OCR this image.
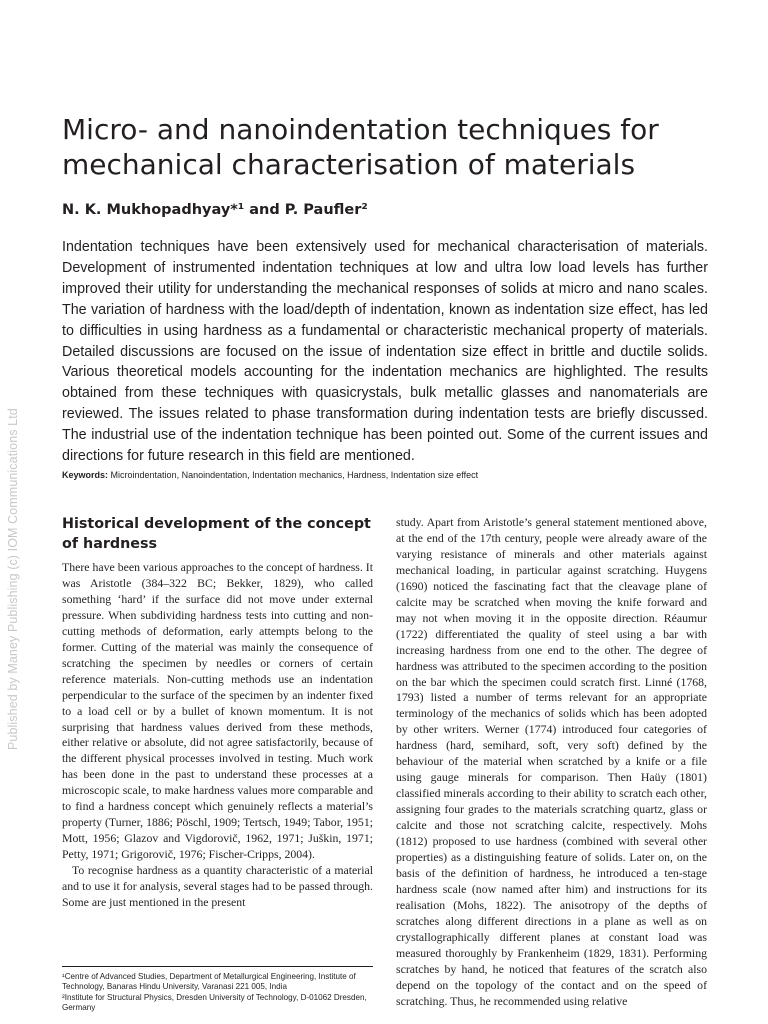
Published by Maney Publishing (c) IOM Communications Ltd
Micro- and nanoindentation techniques for mechanical characterisation of materials

N. K. Mukhopadhyay*¹ and P. Paufler²

Indentation techniques have been extensively used for mechanical characterisation of materials. Development of instrumented indentation techniques at low and ultra low load levels has further improved their utility for understanding the mechanical responses of solids at micro and nano scales. The variation of hardness with the load/depth of indentation, known as indentation size effect, has led to difficulties in using hardness as a fundamental or characteristic mechanical property of materials. Detailed discussions are focused on the issue of indentation size effect in brittle and ductile solids. Various theoretical models accounting for the indentation mechanics are highlighted. The results obtained from these techniques with quasicrystals, bulk metallic glasses and nanomaterials are reviewed. The issues related to phase transformation during indentation tests are briefly discussed. The industrial use of the indentation technique has been pointed out. Some of the current issues and directions for future research in this field are mentioned.

Keywords: Microindentation, Nanoindentation, Indentation mechanics, Hardness, Indentation size effect

Historical development of the concept of hardness

There have been various approaches to the concept of hardness. It was Aristotle (384–322 BC; Bekker, 1829), who called something ‘hard’ if the surface did not move under external pressure. When subdividing hardness tests into cutting and non-cutting methods of deformation, early attempts belong to the former. Cutting of the material was mainly the consequence of scratching the specimen by needles or corners of certain reference materials. Non-cutting methods use an indentation perpendicular to the surface of the specimen by an indenter fixed to a load cell or by a bullet of known momentum. It is not surprising that hardness values derived from these methods, either relative or absolute, did not agree satisfactorily, because of the different physical processes involved in testing. Much work has been done in the past to understand these processes at a microscopic scale, to make hardness values more comparable and to find a hardness concept which genuinely reflects a material’s property (Turner, 1886; Pöschl, 1909; Tertsch, 1949; Tabor, 1951; Mott, 1956; Glazov and Vigdorovič, 1962, 1971; Juškin, 1971; Petty, 1971; Grigorovič, 1976; Fischer-Cripps, 2004).

To recognise hardness as a quantity characteristic of a material and to use it for analysis, several stages had to be passed through. Some are just mentioned in the present

study. Apart from Aristotle’s general statement mentioned above, at the end of the 17th century, people were already aware of the varying resistance of minerals and other materials against mechanical loading, in particular against scratching. Huygens (1690) noticed the fascinating fact that the cleavage plane of calcite may be scratched when moving the knife forward and may not when moving it in the opposite direction. Réaumur (1722) differentiated the quality of steel using a bar with increasing hardness from one end to the other. The degree of hardness was attributed to the specimen according to the position on the bar which the specimen could scratch first. Linné (1768, 1793) listed a number of terms relevant for an appropriate terminology of the mechanics of solids which has been adopted by other writers. Werner (1774) introduced four categories of hardness (hard, semihard, soft, very soft) defined by the behaviour of the material when scratched by a knife or a file using gauge minerals for comparison. Then Haüy (1801) classified minerals according to their ability to scratch each other, assigning four grades to the materials scratching quartz, glass or calcite and those not scratching calcite, respectively. Mohs (1812) proposed to use hardness (combined with several other properties) as a distinguishing feature of solids. Later on, on the basis of the definition of hardness, he introduced a ten-stage hardness scale (now named after him) and instructions for its realisation (Mohs, 1822). The anisotropy of the depths of scratches along different directions in a plane as well as on crystallographically different planes at constant load was measured thoroughly by Frankenheim (1829, 1831). Performing scratches by hand, he noticed that features of the scratch also depend on the topology of the contact and on the speed of scratching. Thus, he recommended using relative

¹Centre of Advanced Studies, Department of Metallurgical Engineering, Institute of Technology, Banaras Hindu University, Varanasi 221 005, India

²Institute for Structural Physics, Dresden University of Technology, D-01062 Dresden, Germany
